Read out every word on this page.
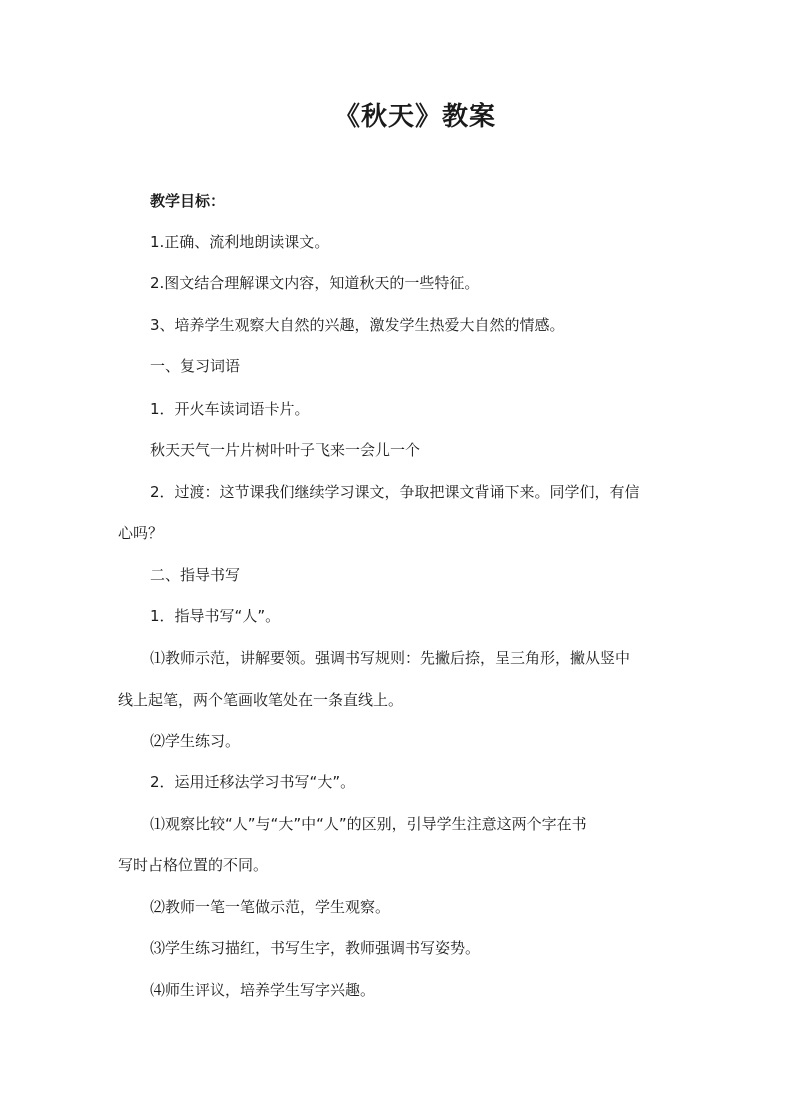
《秋天》教案
教学目标：
1.正确、流利地朗读课文。
2.图文结合理解课文内容，知道秋天的一些特征。
3、培养学生观察大自然的兴趣，激发学生热爱大自然的情感。
一、复习词语
1．开火车读词语卡片。
秋天天气一片片树叶叶子飞来一会儿一个
2．过渡：这节课我们继续学习课文，争取把课文背诵下来。同学们，有信
心吗？
二、指导书写
1．指导书写“人”。
⑴教师示范，讲解要领。强调书写规则：先撇后捺，呈三角形，撇从竖中
线上起笔，两个笔画收笔处在一条直线上。
⑵学生练习。
2．运用迁移法学习书写“大”。
⑴观察比较“人”与“大”中“人”的区别，引导学生注意这两个字在书
写时占格位置的不同。
⑵教师一笔一笔做示范，学生观察。
⑶学生练习描红，书写生字，教师强调书写姿势。
⑷师生评议，培养学生写字兴趣。
